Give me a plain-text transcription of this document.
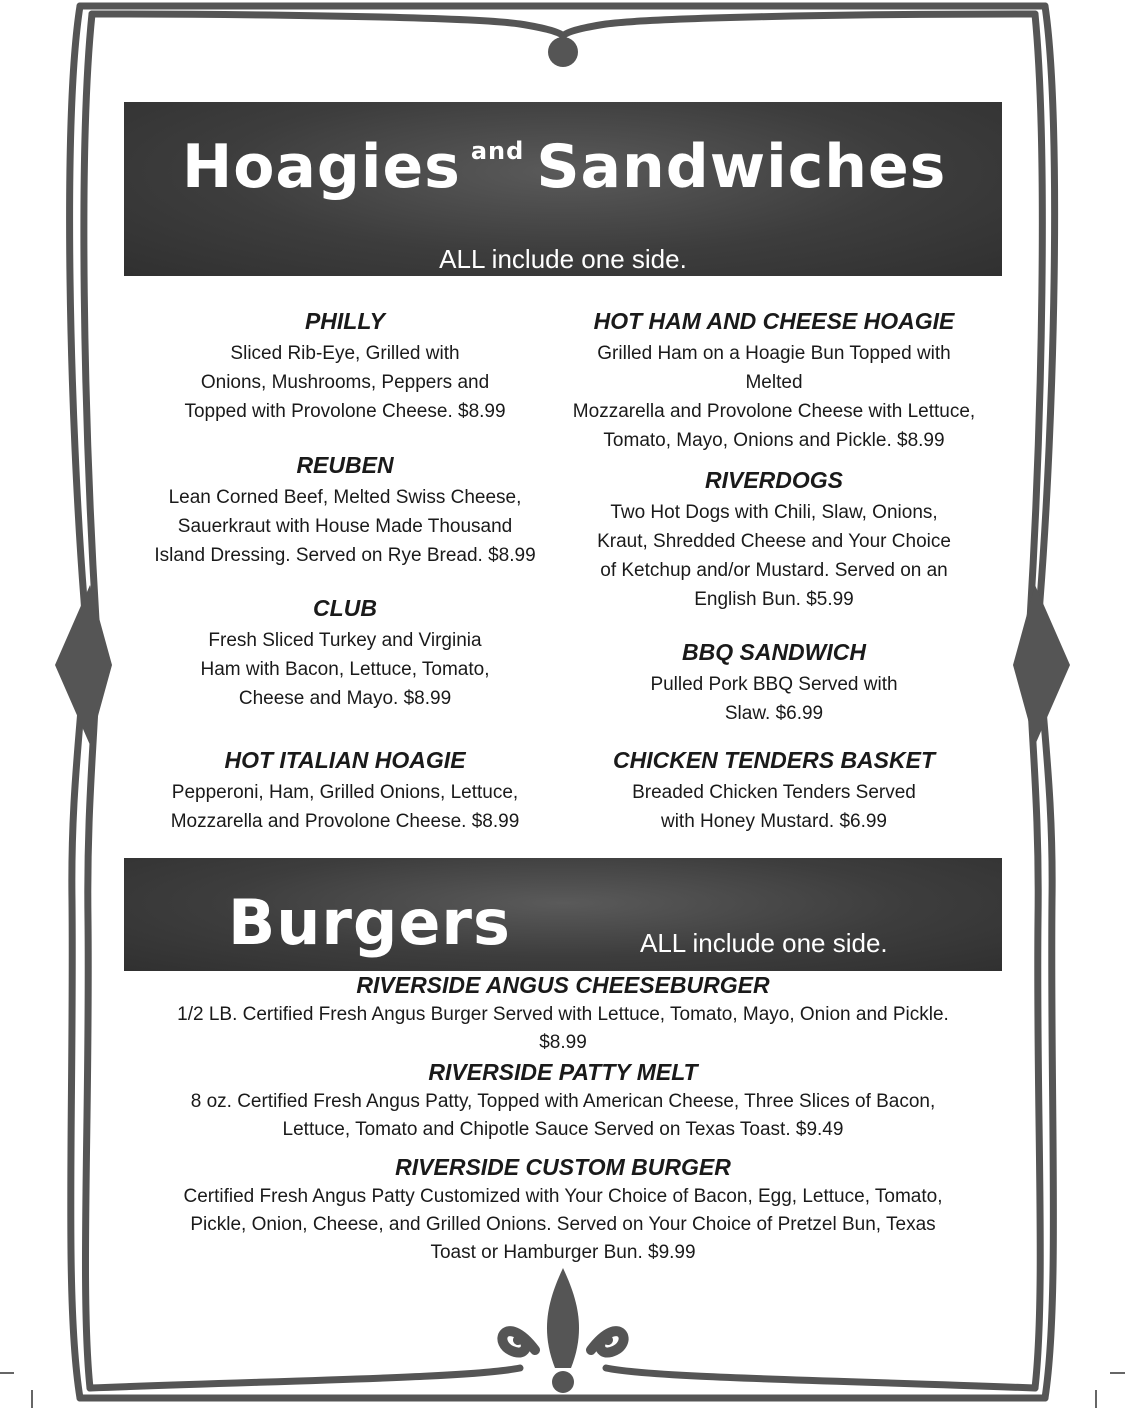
Hoagies $^{and}$ Sandwiches
ALL include one side.
PHILLY

Sliced Rib-Eye, Grilled with

Onions, Mushrooms, Peppers and

Topped with Provolone Cheese. $8.99

REUBEN

Lean Corned Beef, Melted Swiss Cheese,

Sauerkraut with House Made Thousand

Island Dressing. Served on Rye Bread. $8.99

CLUB

Fresh Sliced Turkey and Virginia

Ham with Bacon, Lettuce, Tomato,

Cheese and Mayo. $8.99

HOT ITALIAN HOAGIE

Pepperoni, Ham, Grilled Onions, Lettuce,

Mozzarella and Provolone Cheese. $8.99

HOT HAM AND CHEESE HOAGIE

Grilled Ham on a Hoagie Bun Topped with

Melted

Mozzarella and Provolone Cheese with Lettuce,

Tomato, Mayo, Onions and Pickle. $8.99

RIVERDOGS

Two Hot Dogs with Chili, Slaw, Onions,

Kraut, Shredded Cheese and Your Choice

of Ketchup and/or Mustard. Served on an

English Bun. $5.99

BBQ SANDWICH

Pulled Pork BBQ Served with

Slaw. $6.99

CHICKEN TENDERS BASKET

Breaded Chicken Tenders Served

with Honey Mustard. $6.99

Burgers	ALL include one side.
RIVERSIDE ANGUS CHEESEBURGER

1/2 LB. Certified Fresh Angus Burger Served with Lettuce, Tomato, Mayo, Onion and Pickle.

$8.99

RIVERSIDE PATTY MELT

8 oz. Certified Fresh Angus Patty, Topped with American Cheese, Three Slices of Bacon,

Lettuce, Tomato and Chipotle Sauce Served on Texas Toast. $9.49

RIVERSIDE CUSTOM BURGER

Certified Fresh Angus Patty Customized with Your Choice of Bacon, Egg, Lettuce, Tomato,

Pickle, Onion, Cheese, and Grilled Onions. Served on Your Choice of Pretzel Bun, Texas

Toast or Hamburger Bun. $9.99
